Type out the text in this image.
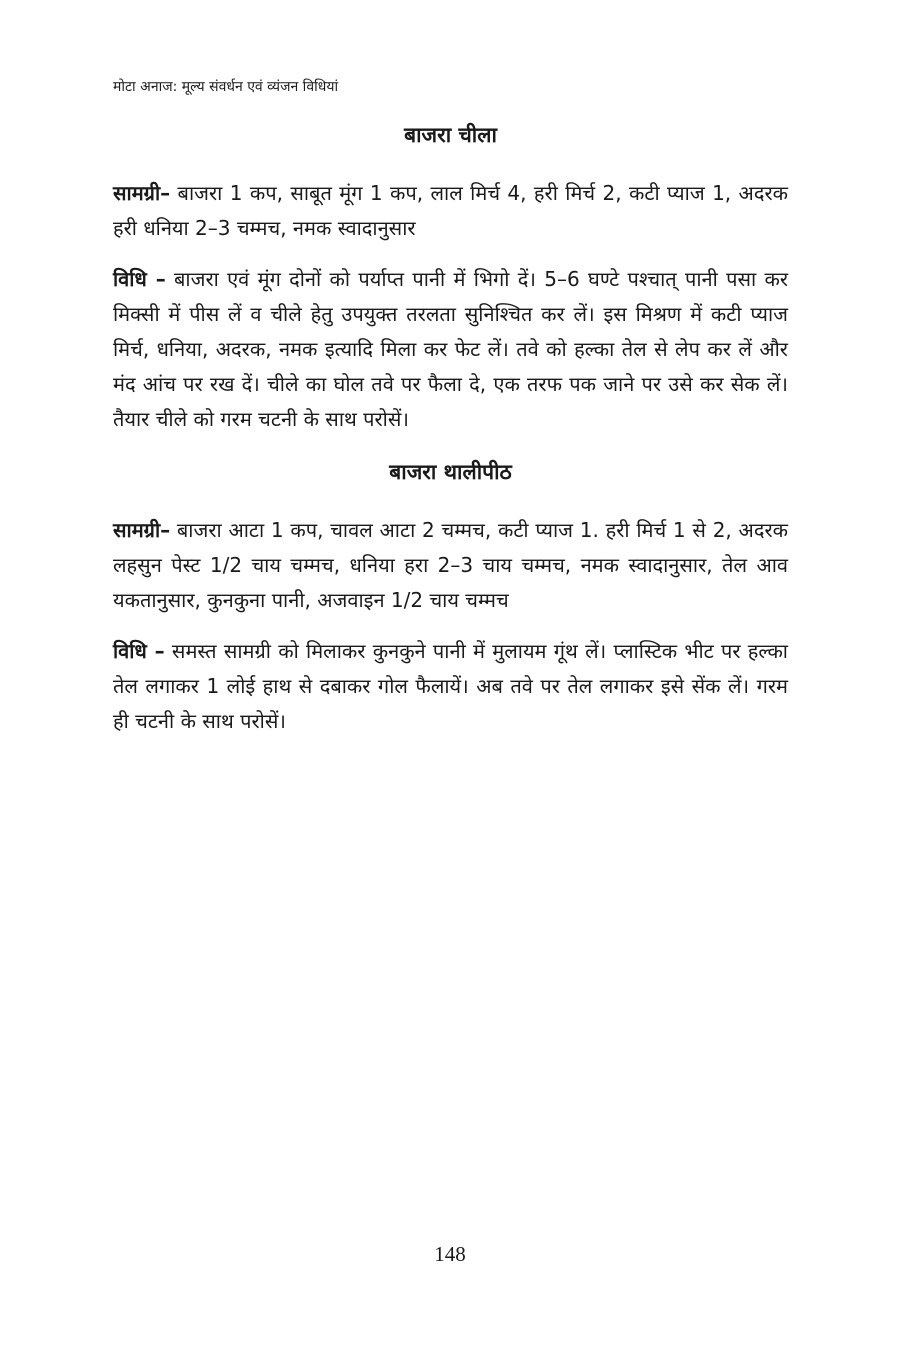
मोटा अनाज: मूल्य संवर्धन एवं व्यंजन विधियां
बाजरा चीला

सामग्री– बाजरा 1 कप, साबूत मूंग 1 कप, लाल मिर्च 4, हरी मिर्च 2, कटी प्याज 1, अदरक हरी धनिया 2–3 चम्मच, नमक स्वादानुसार

विधि – बाजरा एवं मूंग दोनों को पर्याप्त पानी में भिगो दें। 5–6 घण्टे पश्चात् पानी पसा कर मिक्सी में पीस लें व चीले हेतु उपयुक्त तरलता सुनिश्चित कर लें। इस मिश्रण में कटी प्याज मिर्च, धनिया, अदरक, नमक इत्यादि मिला कर फेट लें। तवे को हल्का तेल से लेप कर लें और मंद आंच पर रख दें। चीले का घोल तवे पर फैला दे, एक तरफ पक जाने पर उसे कर सेक लें। तैयार चीले को गरम चटनी के साथ परोसें।

बाजरा थालीपीठ

सामग्री– बाजरा आटा 1 कप, चावल आटा 2 चम्मच, कटी प्याज 1. हरी मिर्च 1 से 2, अदरक लहसुन पेस्ट 1/2 चाय चम्मच, धनिया हरा 2–3 चाय चम्मच, नमक स्वादानुसार, तेल आव यकतानुसार, कुनकुना पानी, अजवाइन 1/2 चाय चम्मच

विधि – समस्त सामग्री को मिलाकर कुनकुने पानी में मुलायम गूंथ लें। प्लास्टिक भीट पर हल्का तेल लगाकर 1 लोई हाथ से दबाकर गोल फैलायें। अब तवे पर तेल लगाकर इसे सेंक लें। गरम ही चटनी के साथ परोसें।

148
